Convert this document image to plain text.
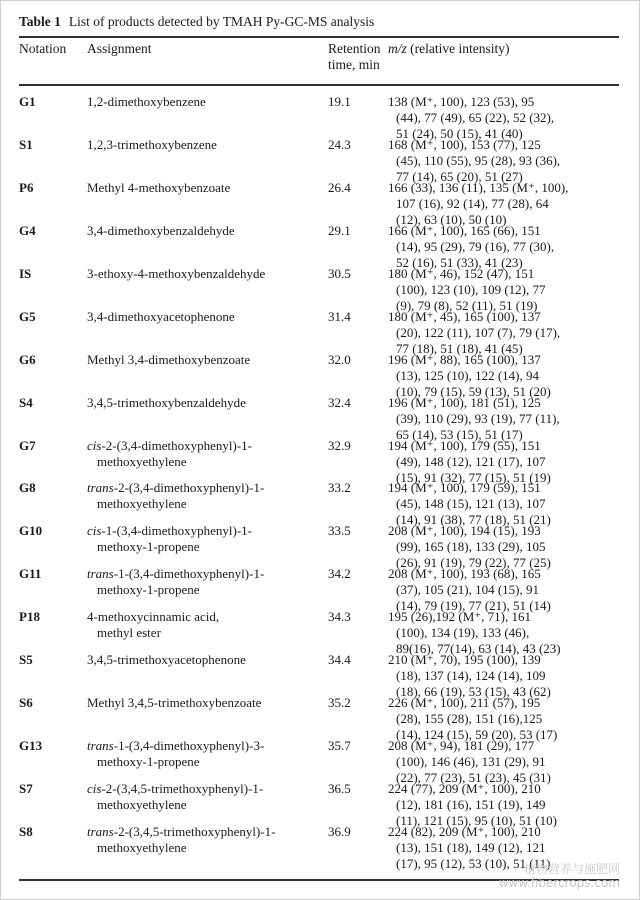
Table 1 List of products detected by TMAH Py-GC-MS analysis
Notation Assignment	Retention
time, min
m/z (relative intensity)
G1	1,2-dimethoxybenzene	19.1	138 (M⁺, 100), 123 (53), 95
(44), 77 (49), 65 (22), 52 (32),
51 (24), 50 (15), 41 (40)
S1	1,2,3-trimethoxybenzene	24.3	168 (M⁺, 100), 153 (77), 125
(45), 110 (55), 95 (28), 93 (36),
77 (14), 65 (20), 51 (27)
P6	Methyl 4-methoxybenzoate	26.4	166 (33), 136 (11), 135 (M⁺, 100),
107 (16), 92 (14), 77 (28), 64
(12), 63 (10), 50 (10)
G4	3,4-dimethoxybenzaldehyde	29.1	166 (M⁺, 100), 165 (66), 151
(14), 95 (29), 79 (16), 77 (30),
52 (16), 51 (33), 41 (23)
IS	3-ethoxy-4-methoxybenzaldehyde	30.5	180 (M⁺, 46), 152 (47), 151
(100), 123 (10), 109 (12), 77
(9), 79 (8), 52 (11), 51 (19)
G5	3,4-dimethoxyacetophenone	31.4	180 (M⁺, 45), 165 (100), 137
(20), 122 (11), 107 (7), 79 (17),
77 (18), 51 (18), 41 (45)
G6	Methyl 3,4-dimethoxybenzoate	32.0	196 (M⁺, 88), 165 (100), 137
(13), 125 (10), 122 (14), 94
(10), 79 (15), 59 (13), 51 (20)
S4	3,4,5-trimethoxybenzaldehyde	32.4	196 (M⁺, 100), 181 (51), 125
(39), 110 (29), 93 (19), 77 (11),
65 (14), 53 (15), 51 (17)
G7	cis-2-(3,4-dimethoxyphenyl)-1-
methoxyethylene
32.9	194 (M⁺, 100), 179 (55), 151
(49), 148 (12), 121 (17), 107
(15), 91 (32), 77 (15), 51 (19)
G8	trans-2-(3,4-dimethoxyphenyl)-1-
methoxyethylene
33.2	194 (M⁺, 100), 179 (59), 151
(45), 148 (15), 121 (13), 107
(14), 91 (38), 77 (18), 51 (21)
G10	cis-1-(3,4-dimethoxyphenyl)-1-
methoxy-1-propene
33.5	208 (M⁺, 100), 194 (15), 193
(99), 165 (18), 133 (29), 105
(26), 91 (19), 79 (22), 77 (25)
G11	trans-1-(3,4-dimethoxyphenyl)-1-
methoxy-1-propene
34.2	208 (M⁺, 100), 193 (68), 165
(37), 105 (21), 104 (15), 91
(14), 79 (19), 77 (21), 51 (14)
P18	4-methoxycinnamic acid,
methyl ester
34.3	195 (26),192 (M⁺, 71), 161
(100), 134 (19), 133 (46),
89(16), 77(14), 63 (14), 43 (23)
S5	3,4,5-trimethoxyacetophenone	34.4	210 (M⁺, 70), 195 (100), 139
(18), 137 (14), 124 (14), 109
(18), 66 (19), 53 (15), 43 (62)
S6	Methyl 3,4,5-trimethoxybenzoate	35.2	226 (M⁺, 100), 211 (57), 195
(28), 155 (28), 151 (16),125
(14), 124 (15), 59 (20), 53 (17)
G13	trans-1-(3,4-dimethoxyphenyl)-3-
methoxy-1-propene
35.7	208 (M⁺, 94), 181 (29), 177
(100), 146 (46), 131 (29), 91
(22), 77 (23), 51 (23), 45 (31)
S7	cis-2-(3,4,5-trimethoxyphenyl)-1-
methoxyethylene
36.5	224 (77), 209 (M⁺, 100), 210
(12), 181 (16), 151 (19), 149
(11), 121 (15), 95 (10), 51 (10)
S8	trans-2-(3,4,5-trimethoxyphenyl)-1-
methoxyethylene
36.9	224 (82), 209 (M⁺, 100), 210
(13), 151 (18), 149 (12), 121
(17), 95 (12), 53 (10), 51 (11)
植物营养与施肥网
www.fibercrops.com
